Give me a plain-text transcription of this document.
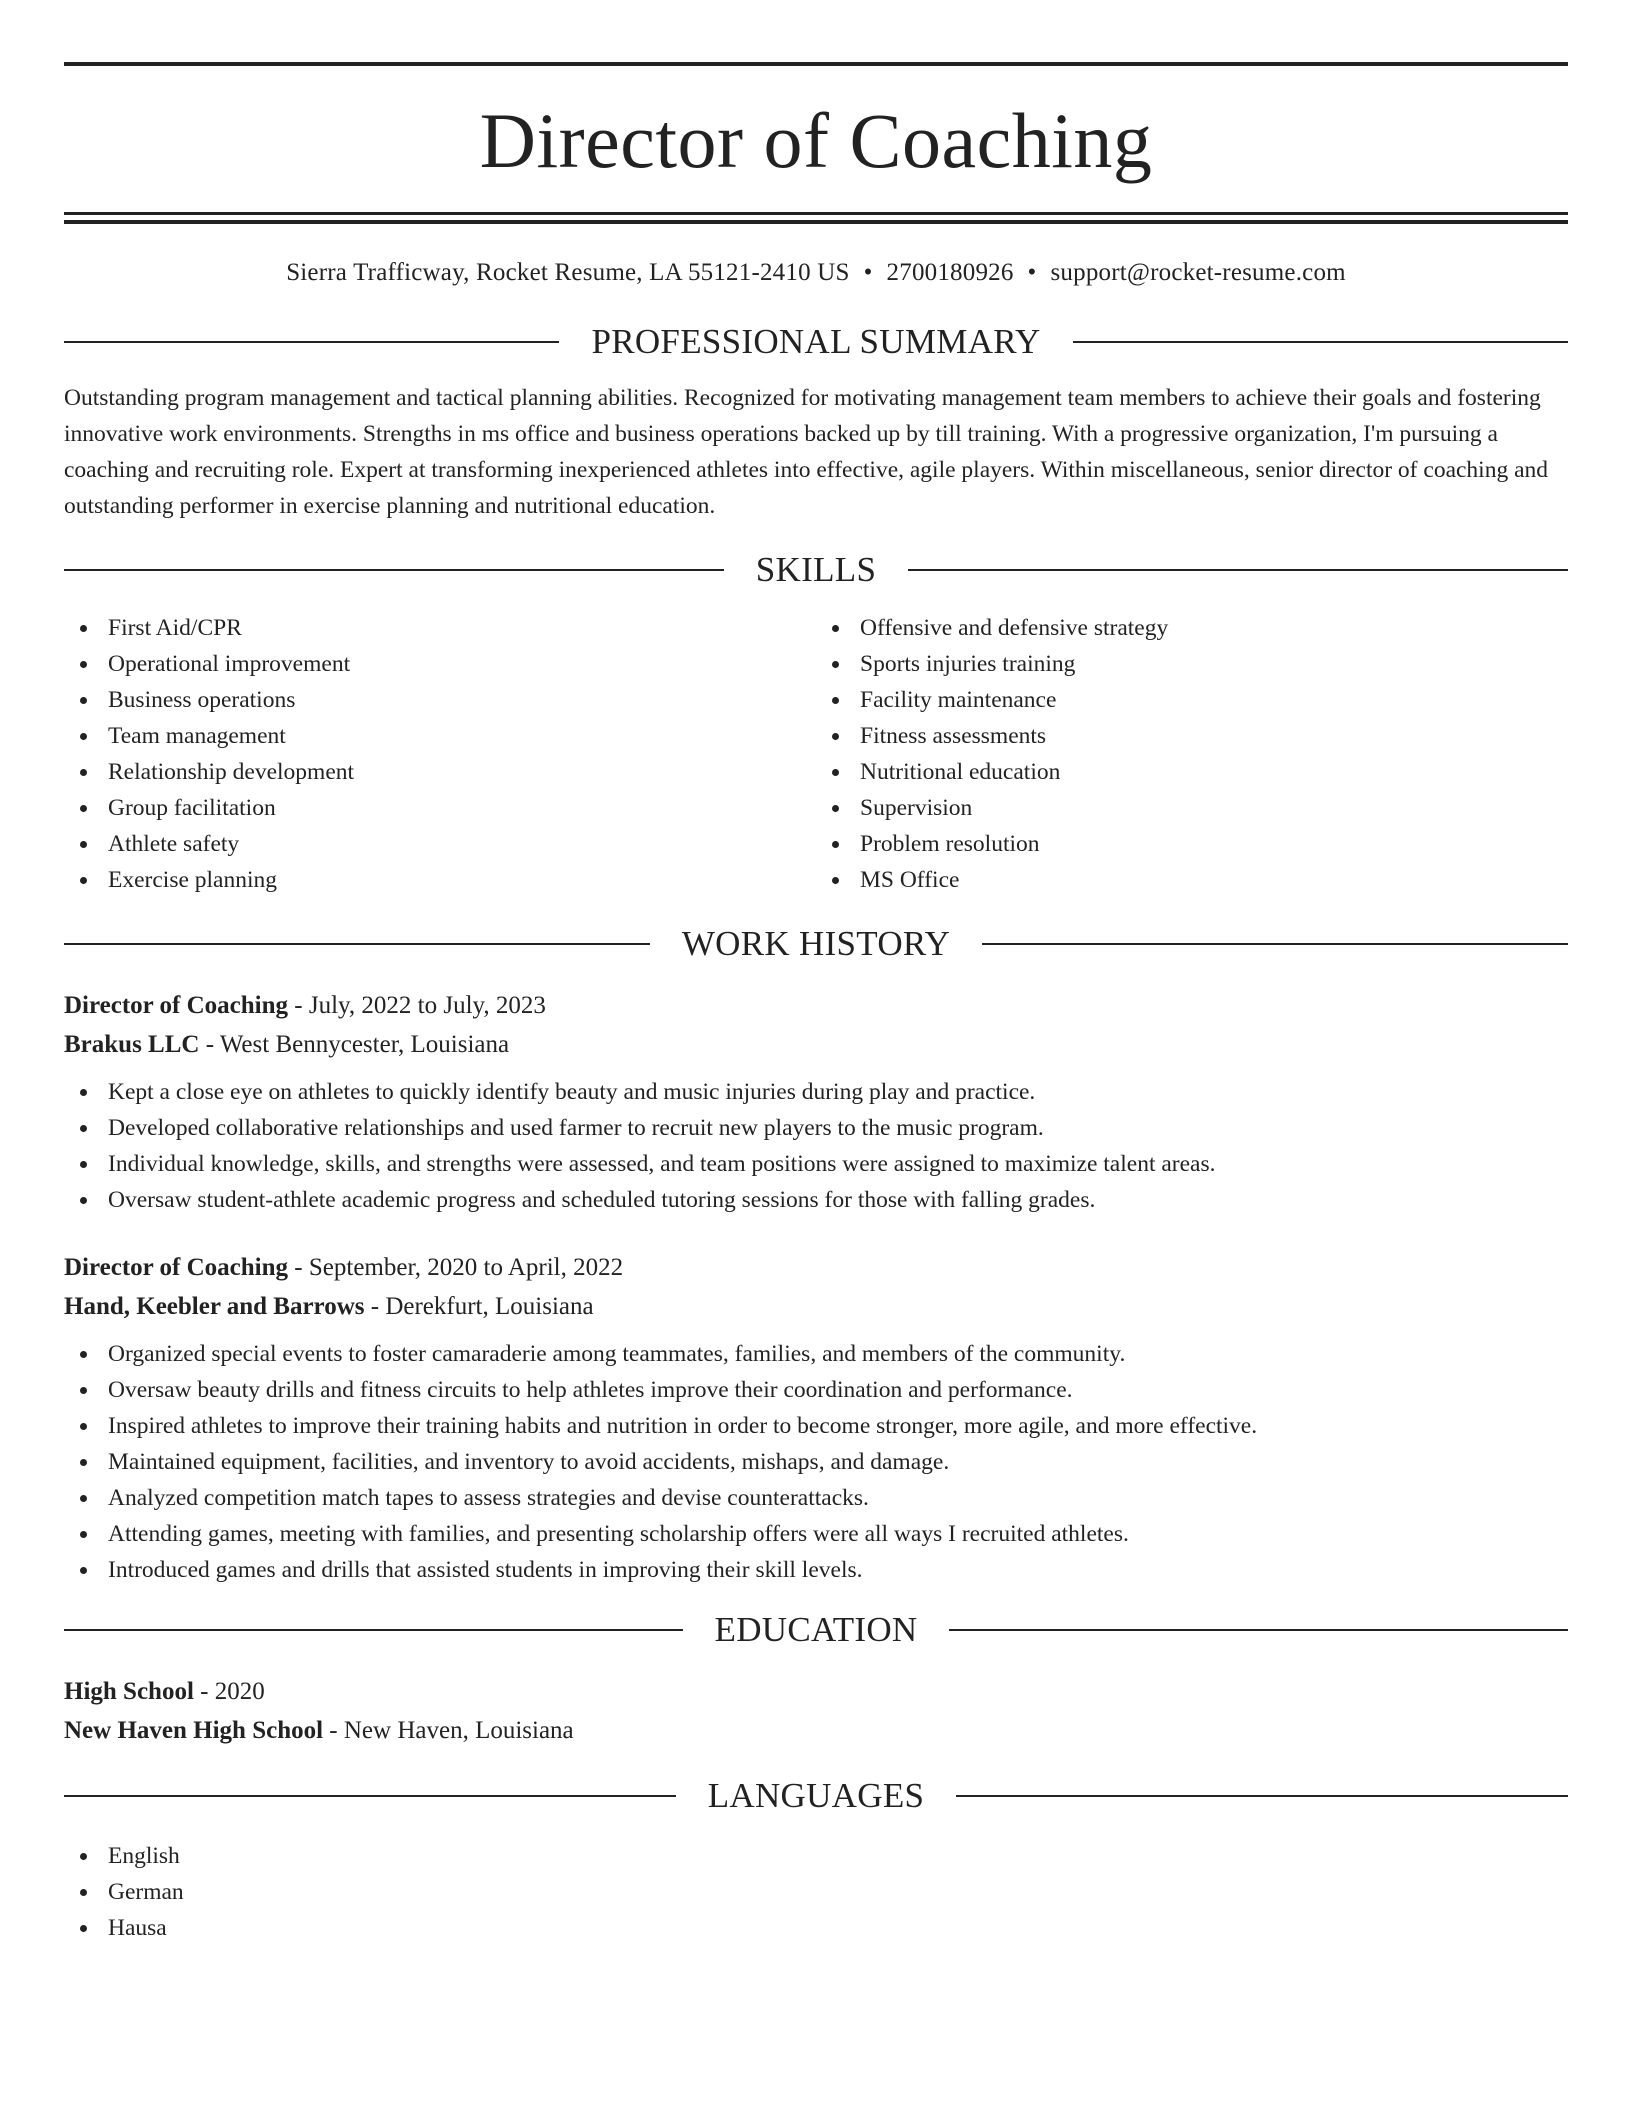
Director of Coaching
Sierra Trafficway, Rocket Resume, LA 55121-2410 US • 2700180926 • support@rocket-resume.com
PROFESSIONAL SUMMARY

Outstanding program management and tactical planning abilities. Recognized for motivating management team members to achieve their goals and fostering innovative work environments. Strengths in ms office and business operations backed up by till training. With a progressive organization, I'm pursuing a coaching and recruiting role. Expert at transforming inexperienced athletes into effective, agile players. Within miscellaneous, senior director of coaching and outstanding performer in exercise planning and nutritional education.

SKILLS
First Aid/CPR
Operational improvement
Business operations
Team management
Relationship development
Group facilitation
Athlete safety
Exercise planning
Offensive and defensive strategy
Sports injuries training
Facility maintenance
Fitness assessments
Nutritional education
Supervision
Problem resolution
MS Office
WORK HISTORY
Director of Coaching - July, 2022 to July, 2023
Brakus LLC - West Bennycester, Louisiana
Kept a close eye on athletes to quickly identify beauty and music injuries during play and practice.
Developed collaborative relationships and used farmer to recruit new players to the music program.
Individual knowledge, skills, and strengths were assessed, and team positions were assigned to maximize talent areas.
Oversaw student-athlete academic progress and scheduled tutoring sessions for those with falling grades.
Director of Coaching - September, 2020 to April, 2022
Hand, Keebler and Barrows - Derekfurt, Louisiana
Organized special events to foster camaraderie among teammates, families, and members of the community.
Oversaw beauty drills and fitness circuits to help athletes improve their coordination and performance.
Inspired athletes to improve their training habits and nutrition in order to become stronger, more agile, and more effective.
Maintained equipment, facilities, and inventory to avoid accidents, mishaps, and damage.
Analyzed competition match tapes to assess strategies and devise counterattacks.
Attending games, meeting with families, and presenting scholarship offers were all ways I recruited athletes.
Introduced games and drills that assisted students in improving their skill levels.
EDUCATION
High School - 2020
New Haven High School - New Haven, Louisiana
LANGUAGES
English
German
Hausa
